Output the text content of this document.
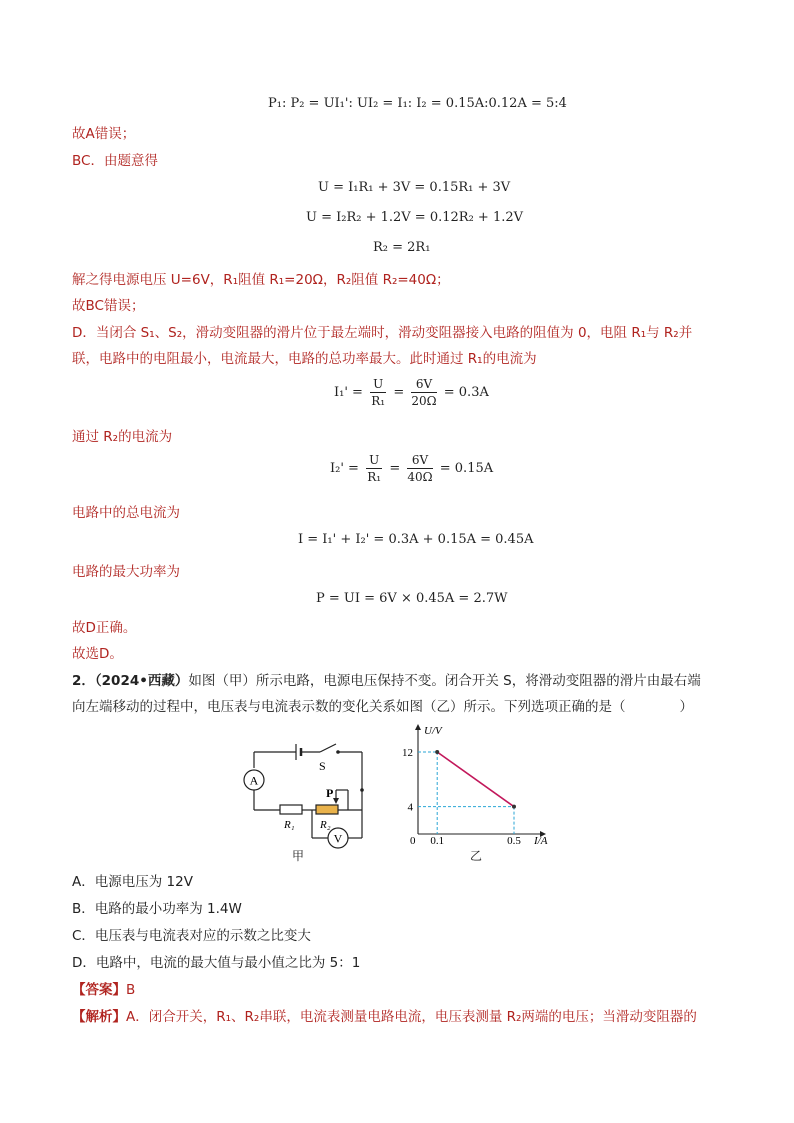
P₁: P₂ = UI₁': UI₂ = I₁: I₂ = 0.15A:0.12A = 5:4
故A错误；
BC．由题意得
U = I₁R₁ + 3V = 0.15R₁ + 3V
U = I₂R₂ + 1.2V = 0.12R₂ + 1.2V
R₂ = 2R₁
解之得电源电压 U=6V，R₁阻值 R₁=20Ω，R₂阻值 R₂=40Ω；
故BC错误；
D．当闭合 S₁、S₂，滑动变阻器的滑片位于最左端时，滑动变阻器接入电路的阻值为 0，电阻 R₁与 R₂并
联，电路中的电阻最小，电流最大，电路的总功率最大。此时通过 R₁的电流为
$I_1' = \frac{U}{\text{R₁}} = \frac{6V}{20\Omega} = 0.3A$
通过 R₂的电流为
$I_2' = \frac{U}{\text{R₁}} = \frac{6V}{40\Omega} = 0.15A$
电路中的总电流为
I = I₁' + I₂' = 0.3A + 0.15A = 0.45A
电路的最大功率为
P = UI = 6V × 0.45A = 2.7W
故D正确。
故选D。
2．（2024•西藏）如图（甲）所示电路，电源电压保持不变。闭合开关 S，将滑动变阻器的滑片由最右端
向左端移动的过程中，电压表与电流表示数的变化关系如图（乙）所示。下列选项正确的是（　　　　）
A
V
S
P
R₁ R₂
甲
U/V
I/A
0 0.1	0.5
4
12
乙
A．电源电压为 12V
B．电路的最小功率为 1.4W
C．电压表与电流表对应的示数之比变大
D．电路中，电流的最大值与最小值之比为 5：1
【答案】B
【解析】A．闭合开关，R₁、R₂串联，电流表测量电路电流，电压表测量 R₂两端的电压；当滑动变阻器的
